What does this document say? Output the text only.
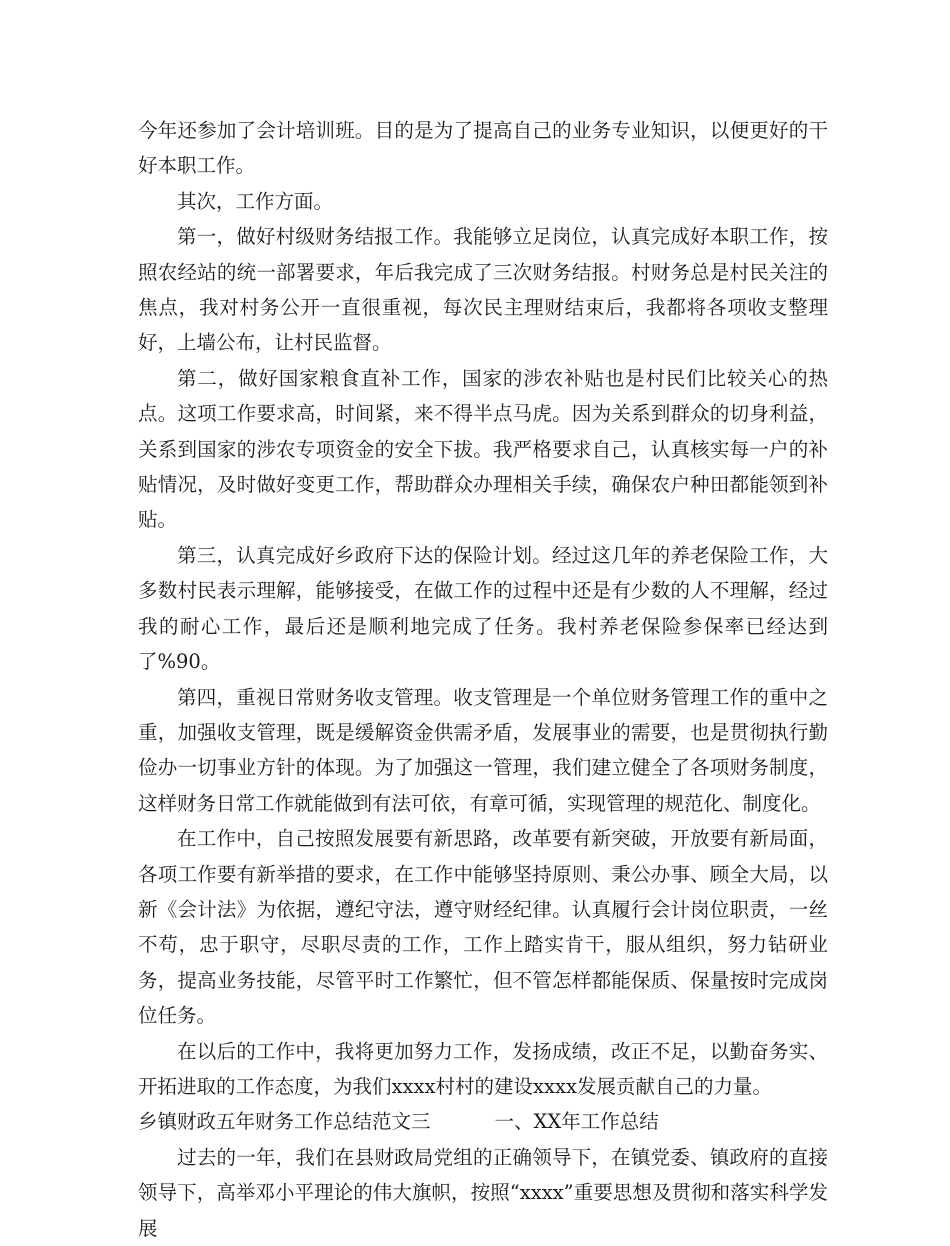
今年还参加了会计培训班。目的是为了提高自己的业务专业知识，以便更好的干好本职工作。

其次，工作方面。

第一，做好村级财务结报工作。我能够立足岗位，认真完成好本职工作，按照农经站的统一部署要求，年后我完成了三次财务结报。村财务总是村民关注的焦点，我对村务公开一直很重视，每次民主理财结束后，我都将各项收支整理好，上墙公布，让村民监督。

第二，做好国家粮食直补工作，国家的涉农补贴也是村民们比较关心的热点。这项工作要求高，时间紧，来不得半点马虎。因为关系到群众的切身利益，关系到国家的涉农专项资金的安全下拔。我严格要求自己，认真核实每一户的补贴情况，及时做好变更工作，帮助群众办理相关手续，确保农户种田都能领到补贴。

第三，认真完成好乡政府下达的保险计划。经过这几年的养老保险工作，大多数村民表示理解，能够接受，在做工作的过程中还是有少数的人不理解，经过我的耐心工作，最后还是顺利地完成了任务。我村养老保险参保率已经达到了%90。

第四，重视日常财务收支管理。收支管理是一个单位财务管理工作的重中之重，加强收支管理，既是缓解资金供需矛盾，发展事业的需要，也是贯彻执行勤俭办一切事业方针的体现。为了加强这一管理，我们建立健全了各项财务制度，这样财务日常工作就能做到有法可依，有章可循，实现管理的规范化、制度化。

在工作中，自己按照发展要有新思路，改革要有新突破，开放要有新局面，各项工作要有新举措的要求，在工作中能够坚持原则、秉公办事、顾全大局，以新《会计法》为依据，遵纪守法，遵守财经纪律。认真履行会计岗位职责，一丝不苟，忠于职守，尽职尽责的工作，工作上踏实肯干，服从组织，努力钻研业务，提高业务技能，尽管平时工作繁忙，但不管怎样都能保质、保量按时完成岗位任务。

在以后的工作中，我将更加努力工作，发扬成绩，改正不足，以勤奋务实、开拓进取的工作态度，为我们xxxx村村的建设xxxx发展贡献自己的力量。

乡镇财政五年财务工作总结范文三	一、XX年工作总结

过去的一年，我们在县财政局党组的正确领导下，在镇党委、镇政府的直接领导下，高举邓小平理论的伟大旗帜，按照“xxxx”重要思想及贯彻和落实科学发展
